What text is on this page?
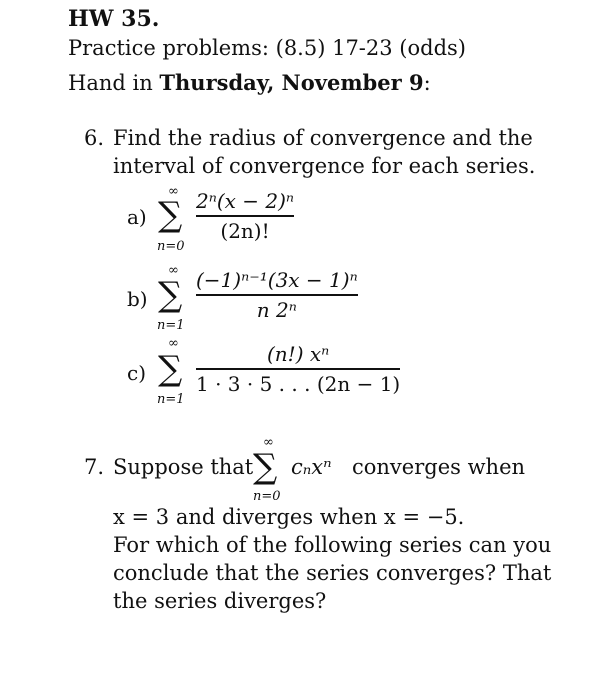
HW 35.
Practice problems: (8.5) 17-23 (odds)
Hand in Thursday, November 9:
6. Find the radius of convergence and the
interval of convergence for each series.
a)
∞
∑
n=0
2ⁿ(x − 2)ⁿ
(2n)!
b)
∞
∑
n=1
(−1)ⁿ⁻¹(3x − 1)ⁿ
n 2ⁿ
c)
∞
∑
n=1
(n!) xⁿ
1 · 3 · 5 . . . (2n − 1)
7. Suppose that
∞
∑
n=0
cₙxⁿ converges when
x = 3 and diverges when x = −5.
For which of the following series can you
conclude that the series converges? That
the series diverges?
